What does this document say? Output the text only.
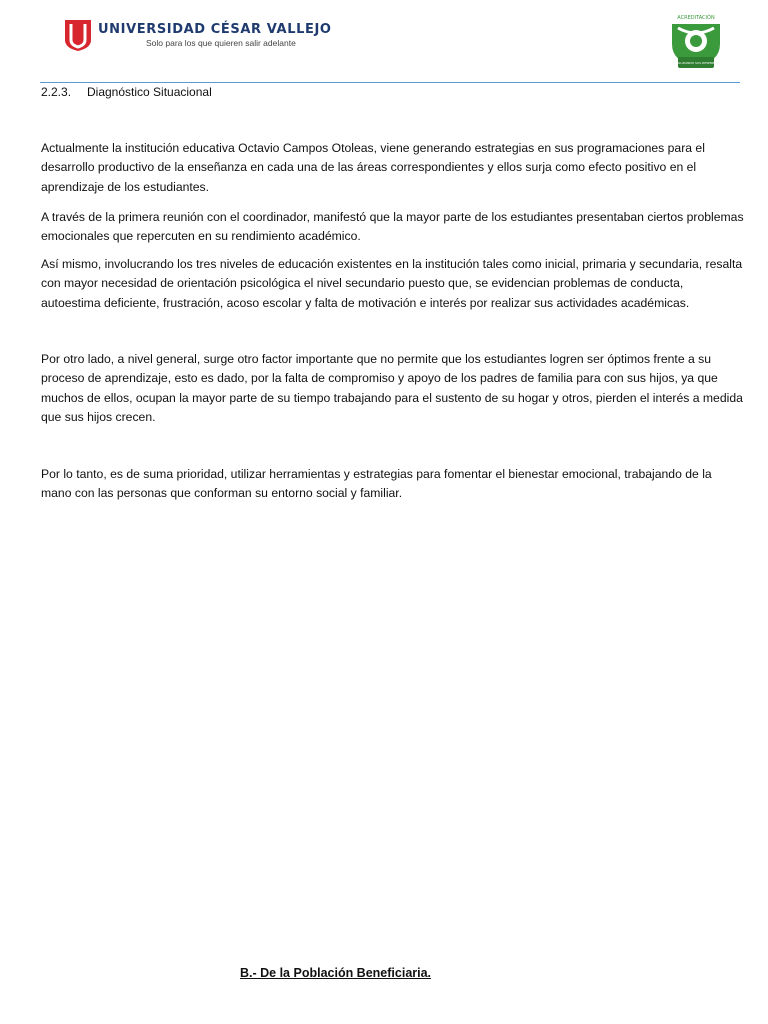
UNIVERSIDAD CÉSAR VALLEJO
Solo para los que quieren salir adelante
ACREDITACIÓN
CONSOLIDANDO SUS DESEMPEÑOS
2.2.3. Diagnóstico Situacional

Actualmente la institución educativa Octavio Campos Otoleas, viene generando estrategias en sus programaciones para el desarrollo productivo de la enseñanza en cada una de las áreas correspondientes y ellos surja como efecto positivo en el aprendizaje de los estudiantes.

A través de la primera reunión con el coordinador, manifestó que la mayor parte de los estudiantes presentaban ciertos problemas emocionales que repercuten en su rendimiento académico.

Así mismo, involucrando los tres niveles de educación existentes en la institución tales como inicial, primaria y secundaria, resalta con mayor necesidad de orientación psicológica el nivel secundario puesto que, se evidencian problemas de conducta, autoestima deficiente, frustración, acoso escolar y falta de motivación e interés por realizar sus actividades académicas.

Por otro lado, a nivel general, surge otro factor importante que no permite que los estudiantes logren ser óptimos frente a su proceso de aprendizaje, esto es dado, por la falta de compromiso y apoyo de los padres de familia para con sus hijos, ya que muchos de ellos, ocupan la mayor parte de su tiempo trabajando para el sustento de su hogar y otros, pierden el interés a medida que sus hijos crecen.

Por lo tanto, es de suma prioridad, utilizar herramientas y estrategias para fomentar el bienestar emocional, trabajando de la mano con las personas que conforman su entorno social y familiar.

B.- De la Población Beneficiaria.
